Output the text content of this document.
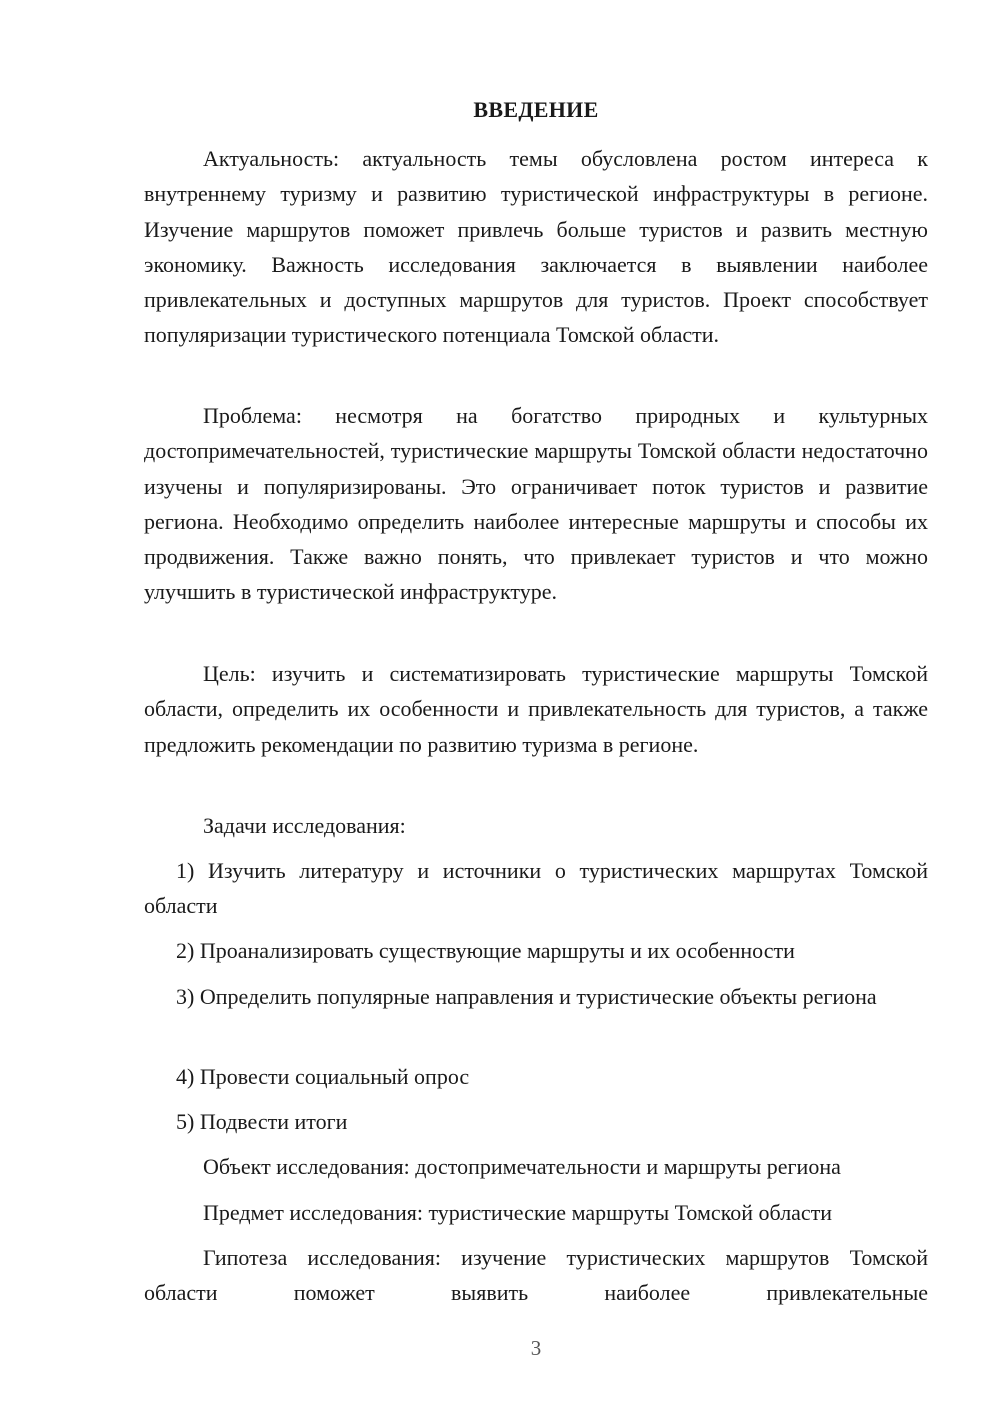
ВВЕДЕНИЕ

Актуальность: актуальность темы обусловлена ростом интереса к внутреннему туризму и развитию туристической инфраструктуры в регионе. Изучение маршрутов поможет привлечь больше туристов и развить местную экономику. Важность исследования заключается в выявлении наиболее привлекательных и доступных маршрутов для туристов. Проект способствует популяризации туристического потенциала Томской области.

Проблема: несмотря на богатство природных и культурных достопримечательностей, туристические маршруты Томской области недостаточно изучены и популяризированы. Это ограничивает поток туристов и развитие региона. Необходимо определить наиболее интересные маршруты и способы их продвижения. Также важно понять, что привлекает туристов и что можно улучшить в туристической инфраструктуре.

Цель: изучить и систематизировать туристические маршруты Томской области, определить их особенности и привлекательность для туристов, а также предложить рекомендации по развитию туризма в регионе.

Задачи исследования:

1) Изучить литературу и источники о туристических маршрутах Томской области

2) Проанализировать существующие маршруты и их особенности

3) Определить популярные направления и туристические объекты региона

4) Провести социальный опрос

5) Подвести итоги

Объект исследования: достопримечательности и маршруты региона

Предмет исследования: туристические маршруты Томской области

Гипотеза исследования: изучение туристических маршрутов Томской области поможет выявить наиболее привлекательные

3
